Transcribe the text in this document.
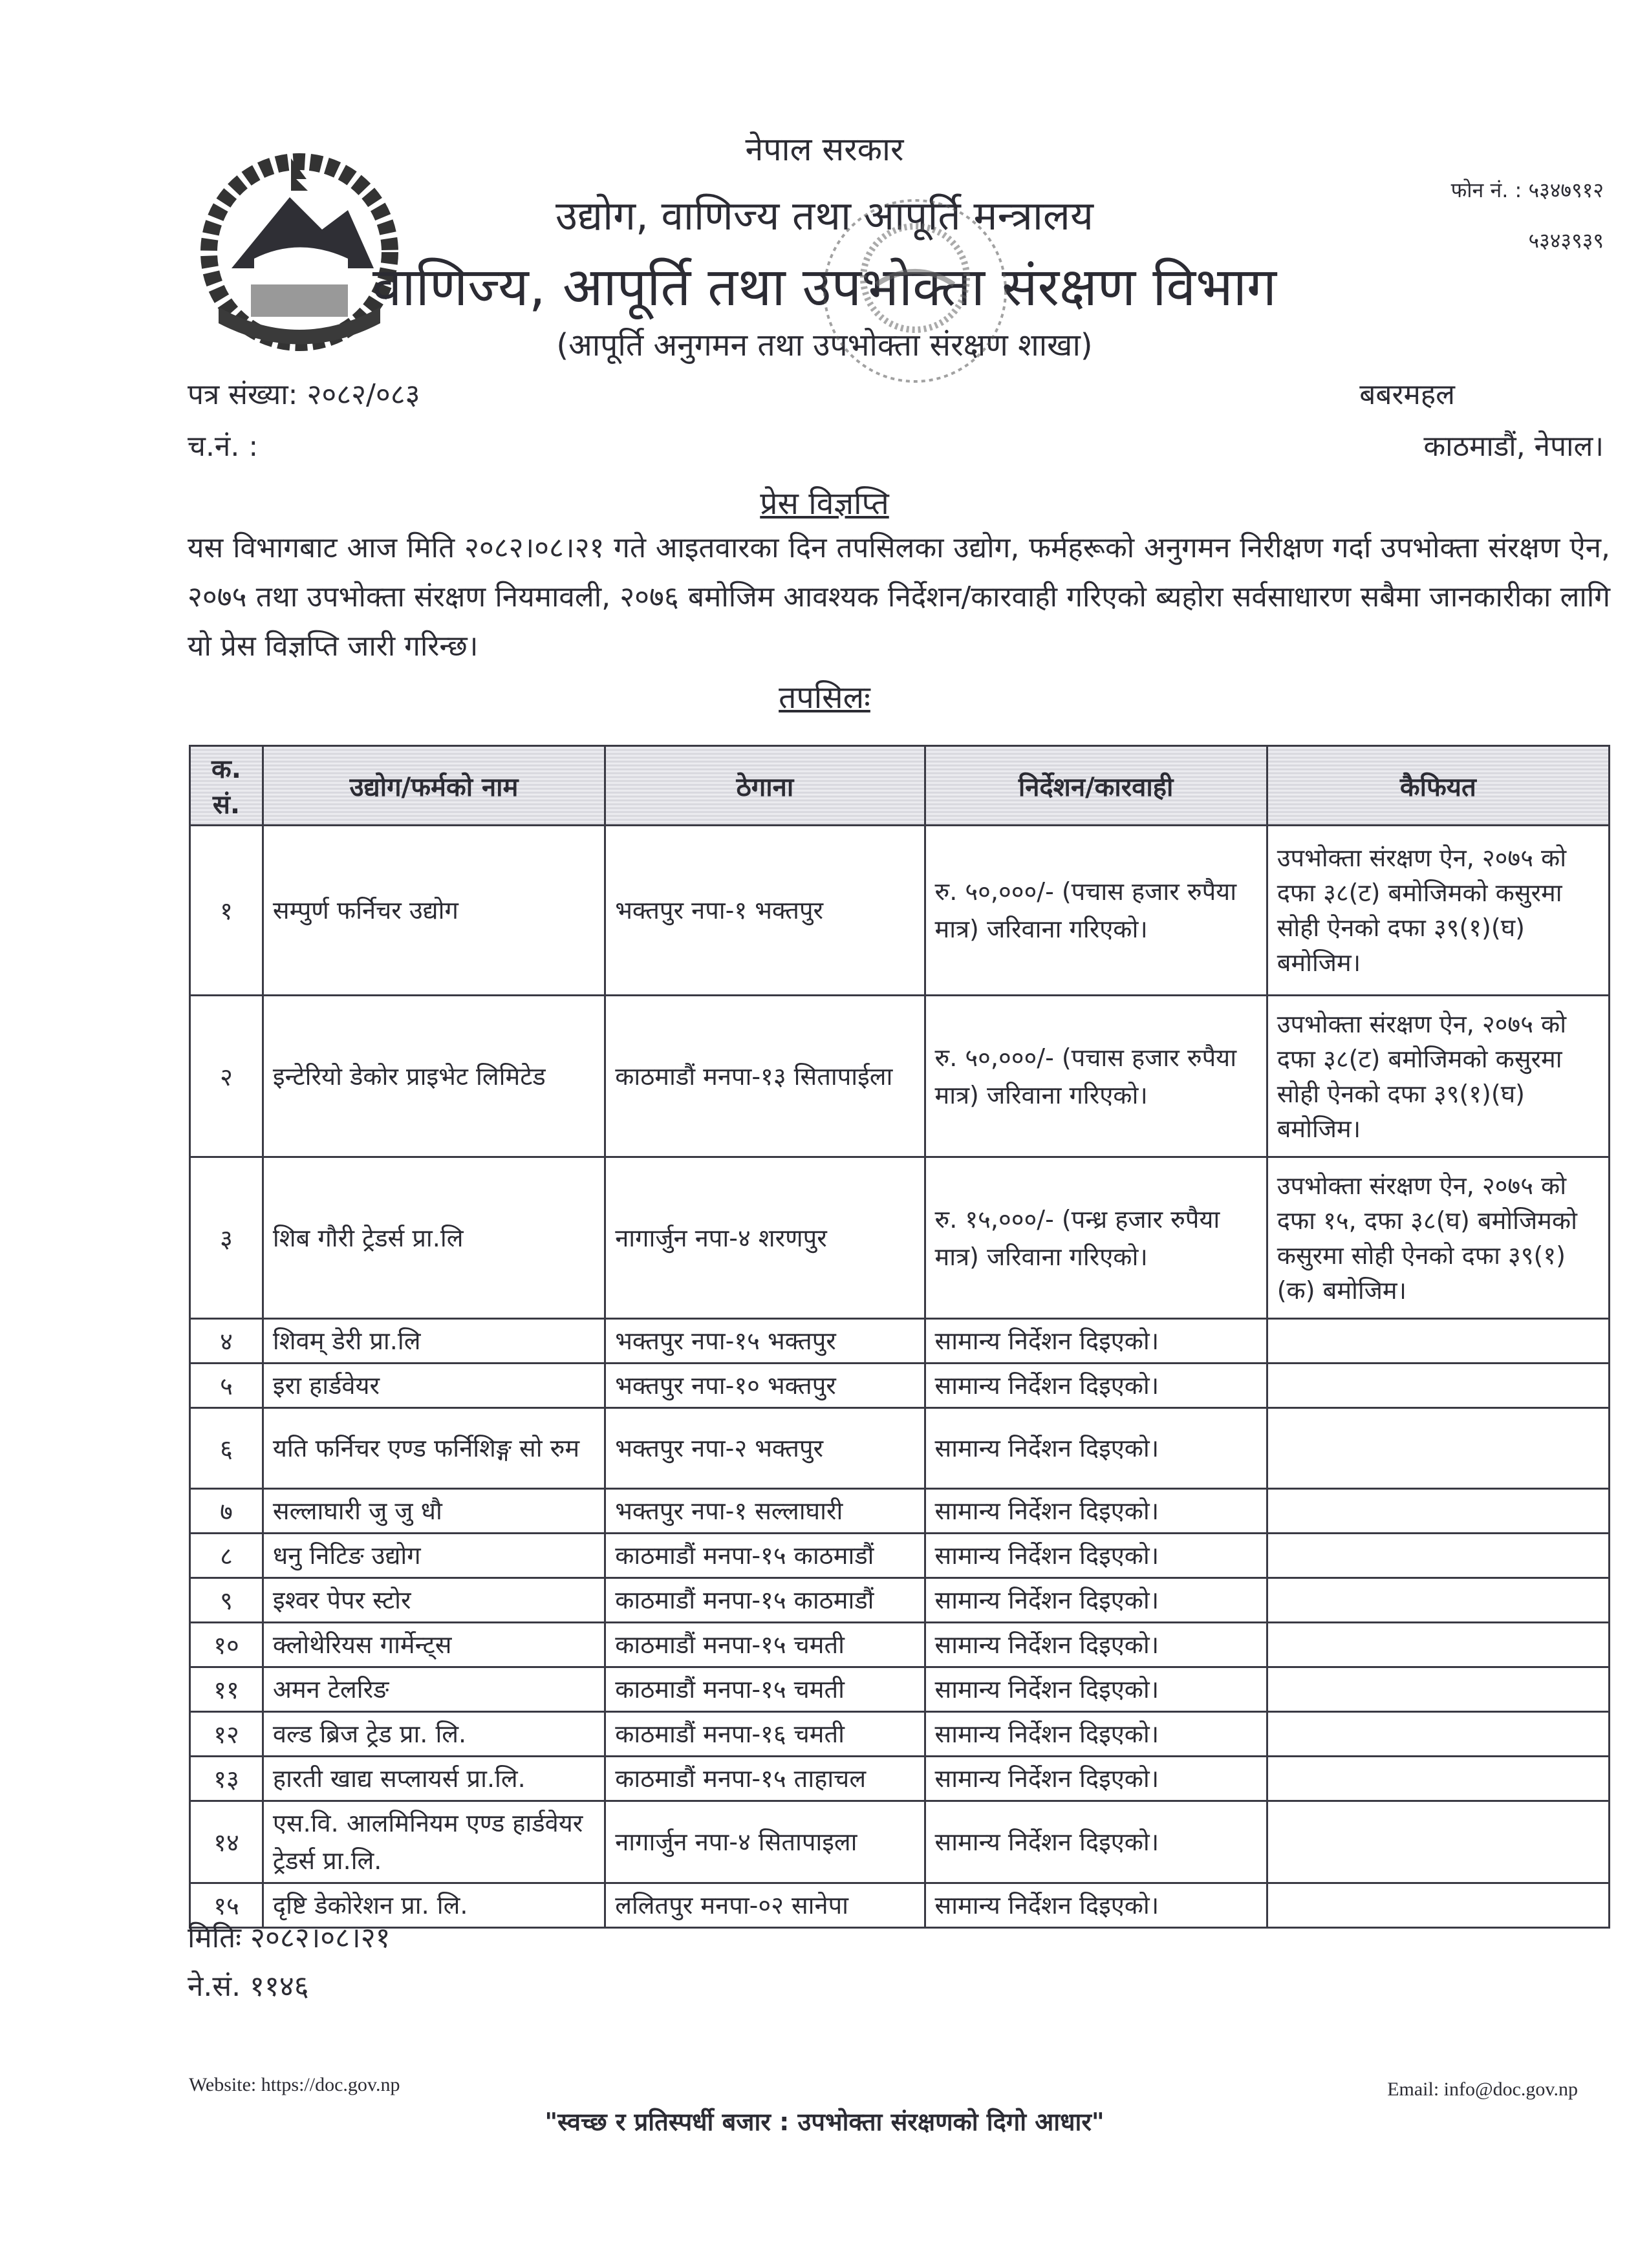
नेपाल सरकार
उद्योग, वाणिज्य तथा आपूर्ति मन्त्रालय
वाणिज्य, आपूर्ति तथा उपभोक्ता संरक्षण विभाग
(आपूर्ति अनुगमन तथा उपभोक्ता संरक्षण शाखा)
फोन नं. : ५३४७९१२
५३४३९३९
पत्र संख्या: २०८२/०८३
च.नं. :
बबरमहल
काठमाडौं, नेपाल।
प्रेस विज्ञप्ति
यस विभागबाट आज मिति २०८२।०८।२१ गते आइतवारका दिन तपसिलका उद्योग, फर्महरूको अनुगमन निरीक्षण गर्दा उपभोक्ता संरक्षण ऐन, २०७५ तथा उपभोक्ता संरक्षण नियमावली, २०७६ बमोजिम आवश्यक निर्देशन/कारवाही गरिएको ब्यहोरा सर्वसाधारण सबैमा जानकारीका लागि यो प्रेस विज्ञप्ति जारी गरिन्छ।
तपसिलः
क. सं.	उद्योग/फर्मको नाम	ठेगाना	निर्देशन/कारवाही	कैफियत
१	सम्पुर्ण फर्निचर उद्योग	भक्तपुर नपा-१ भक्तपुर	रु. ५०,०००/- (पचास हजार रुपैया मात्र) जरिवाना गरिएको।	उपभोक्ता संरक्षण ऐन, २०७५ को दफा ३८(ट) बमोजिमको कसुरमा सोही ऐनको दफा ३९(१)(घ) बमोजिम।
२	इन्टेरियो डेकोर प्राइभेट लिमिटेड	काठमाडौं मनपा-१३ सितापाईला	रु. ५०,०००/- (पचास हजार रुपैया मात्र) जरिवाना गरिएको।	उपभोक्ता संरक्षण ऐन, २०७५ को दफा ३८(ट) बमोजिमको कसुरमा सोही ऐनको दफा ३९(१)(घ) बमोजिम।
३	शिब गौरी ट्रेडर्स प्रा.लि	नागार्जुन नपा-४ शरणपुर	रु. १५,०००/- (पन्ध्र हजार रुपैया मात्र) जरिवाना गरिएको।	उपभोक्ता संरक्षण ऐन, २०७५ को दफा १५, दफा ३८(घ) बमोजिमको कसुरमा सोही ऐनको दफा ३९(१)(क) बमोजिम।
४	शिवम् डेरी प्रा.लि	भक्तपुर नपा-१५ भक्तपुर	सामान्य निर्देशन दिइएको।	
५	इरा हार्डवेयर	भक्तपुर नपा-१० भक्तपुर	सामान्य निर्देशन दिइएको।	
६	यति फर्निचर एण्ड फर्निशिङ्ग सो रुम	भक्तपुर नपा-२ भक्तपुर	सामान्य निर्देशन दिइएको।	
७	सल्लाघारी जु जु धौ	भक्तपुर नपा-१ सल्लाघारी	सामान्य निर्देशन दिइएको।	
८	धनु निटिङ उद्योग	काठमाडौं मनपा-१५ काठमाडौं	सामान्य निर्देशन दिइएको।	
९	इश्वर पेपर स्टोर	काठमाडौं मनपा-१५ काठमाडौं	सामान्य निर्देशन दिइएको।	
१०	क्लोथेरियस गार्मेन्ट्स	काठमाडौं मनपा-१५ चमती	सामान्य निर्देशन दिइएको।	
११	अमन टेलरिङ	काठमाडौं मनपा-१५ चमती	सामान्य निर्देशन दिइएको।	
१२	वल्ड ब्रिज ट्रेड प्रा. लि.	काठमाडौं मनपा-१६ चमती	सामान्य निर्देशन दिइएको।	
१३	हारती खाद्य सप्लायर्स प्रा.लि.	काठमाडौं मनपा-१५ ताहाचल	सामान्य निर्देशन दिइएको।	
१४	एस.वि. आलमिनियम एण्ड हार्डवेयर ट्रेडर्स प्रा.लि.	नागार्जुन नपा-४ सितापाइला	सामान्य निर्देशन दिइएको।	
१५	दृष्टि डेकोरेशन प्रा. लि.	ललितपुर मनपा-०२ सानेपा	सामान्य निर्देशन दिइएको।	
मितिः २०८२।०८।२१
ने.सं. ११४६
Website: https://doc.gov.np	Email: info@doc.gov.np
"स्वच्छ र प्रतिस्पर्धी बजार : उपभोक्ता संरक्षणको दिगो आधार"
